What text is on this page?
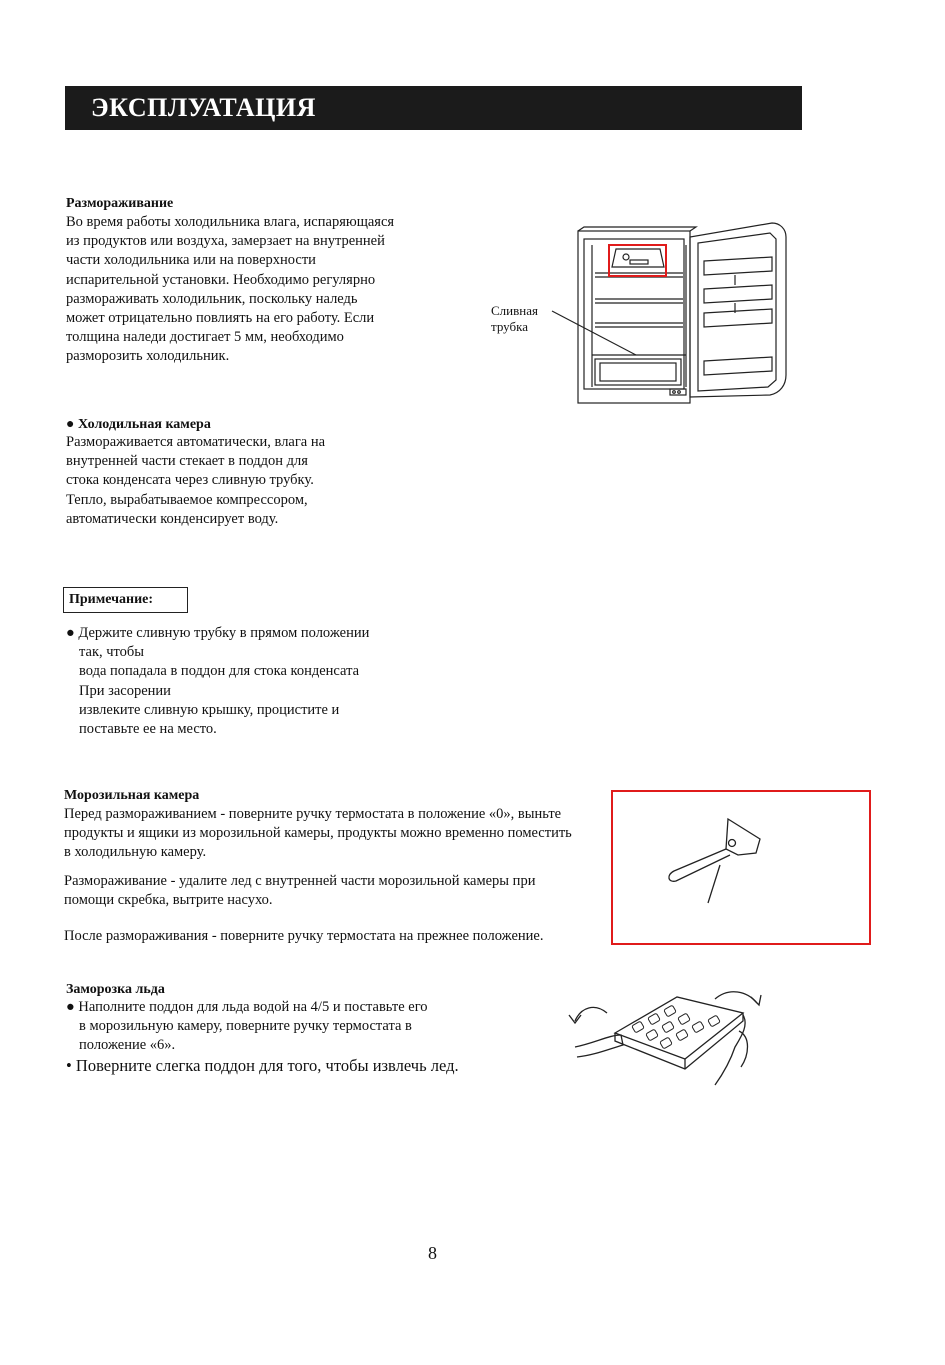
ЭКСПЛУАТАЦИЯ
Размораживание
Во время работы холодильника влага, испаряющаяся
из продуктов или воздуха, замерзает на внутренней
части холодильника или на поверхности
испарительной установки. Необходимо регулярно
размораживать холодильник, поскольку наледь
может отрицательно повлиять на его работу. Если
толщина наледи достигает 5 мм, необходимо
разморозить холодильник.
Сливная
трубка
● Холодильная камера
Размораживается автоматически, влага на
внутренней части стекает в поддон для
стока конденсата через сливную трубку.
Тепло, вырабатываемое компрессором,
автоматически конденсирует воду.
Примечание:
● Держите сливную трубку в прямом положении
так, чтобы
вода попадала в поддон для стока конденсата
При засорении
извлеките сливную крышку, процистите и
поставьте ее на место.
Морозильная камера
Перед размораживанием - поверните ручку термостата в положение «0», выньте
продукты и ящики из морозильной камеры, продукты можно временно поместить
в холодильную камеру.
Размораживание - удалите лед с внутренней части морозильной камеры при
помощи скребка, вытрите насухо.
После размораживания - поверните ручку термостата на прежнее положение.
Заморозка льда
● Наполните поддон для льда водой на 4/5 и поставьте его
в морозильную камеру, поверните ручку термостата в
положение «6».
• Поверните слегка поддон для того, чтобы извлечь лед.
8
